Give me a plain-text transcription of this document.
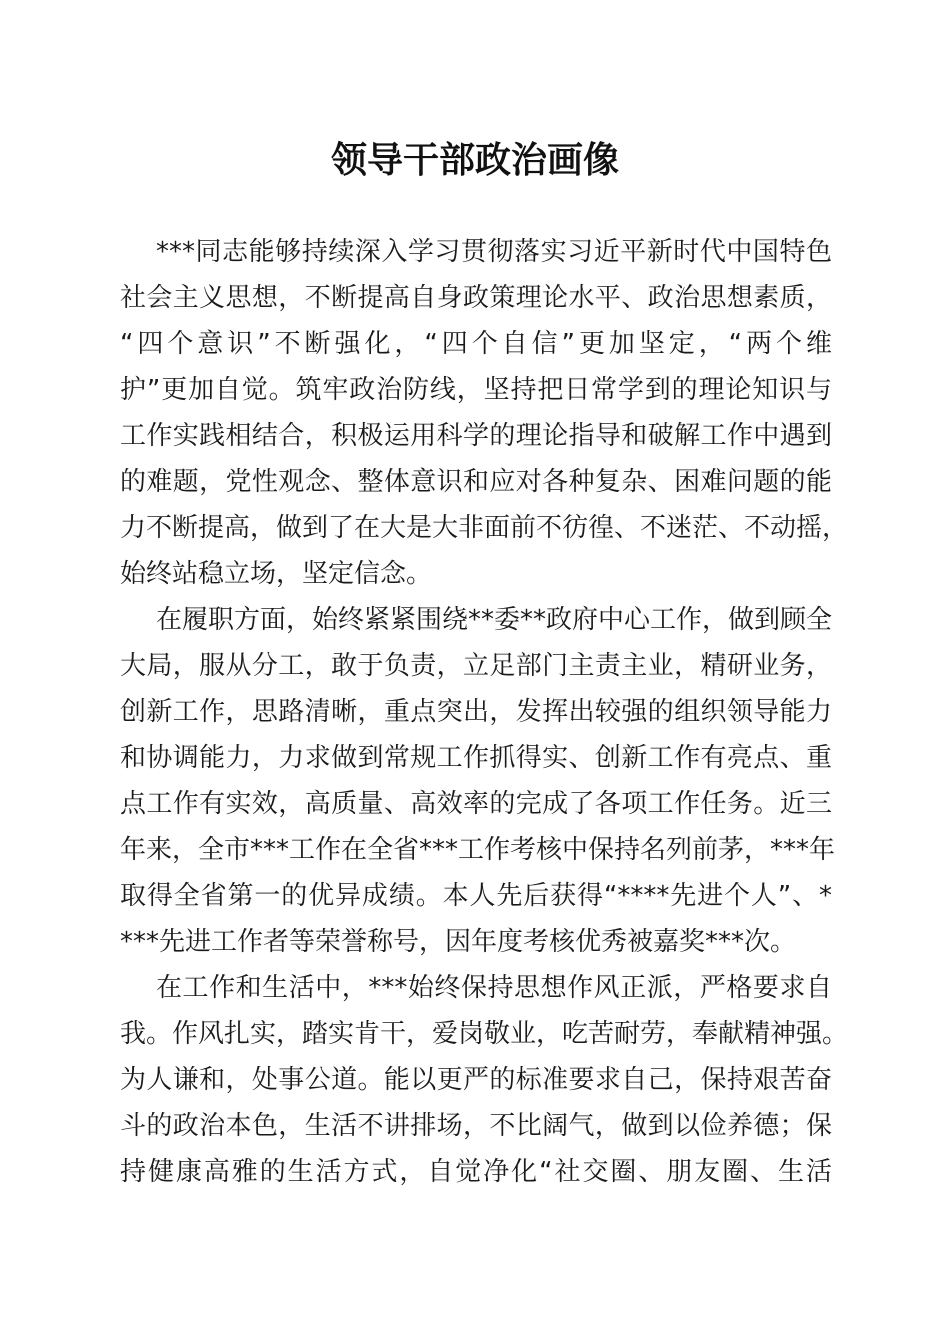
领导干部政治画像
***同志能够持续深入学习贯彻落实习近平新时代中国特色
社会主义思想，不断提高自身政策理论水平、政治思想素质，
“四个意识”不断强化，“四个自信”更加坚定，“两个维
护”更加自觉。筑牢政治防线，坚持把日常学到的理论知识与
工作实践相结合，积极运用科学的理论指导和破解工作中遇到
的难题，党性观念、整体意识和应对各种复杂、困难问题的能
力不断提高，做到了在大是大非面前不彷徨、不迷茫、不动摇，
始终站稳立场，坚定信念。
在履职方面，始终紧紧围绕**委**政府中心工作，做到顾全
大局，服从分工，敢于负责，立足部门主责主业，精研业务，
创新工作，思路清晰，重点突出，发挥出较强的组织领导能力
和协调能力，力求做到常规工作抓得实、创新工作有亮点、重
点工作有实效，高质量、高效率的完成了各项工作任务。近三
年来，全市***工作在全省***工作考核中保持名列前茅，***年
取得全省第一的优异成绩。本人先后获得“****先进个人”、*
***先进工作者等荣誉称号，因年度考核优秀被嘉奖***次。
在工作和生活中，***始终保持思想作风正派，严格要求自
我。作风扎实，踏实肯干，爱岗敬业，吃苦耐劳，奉献精神强。
为人谦和，处事公道。能以更严的标准要求自己，保持艰苦奋
斗的政治本色，生活不讲排场，不比阔气，做到以俭养德；保
持健康高雅的生活方式，自觉净化“社交圈、朋友圈、生活
